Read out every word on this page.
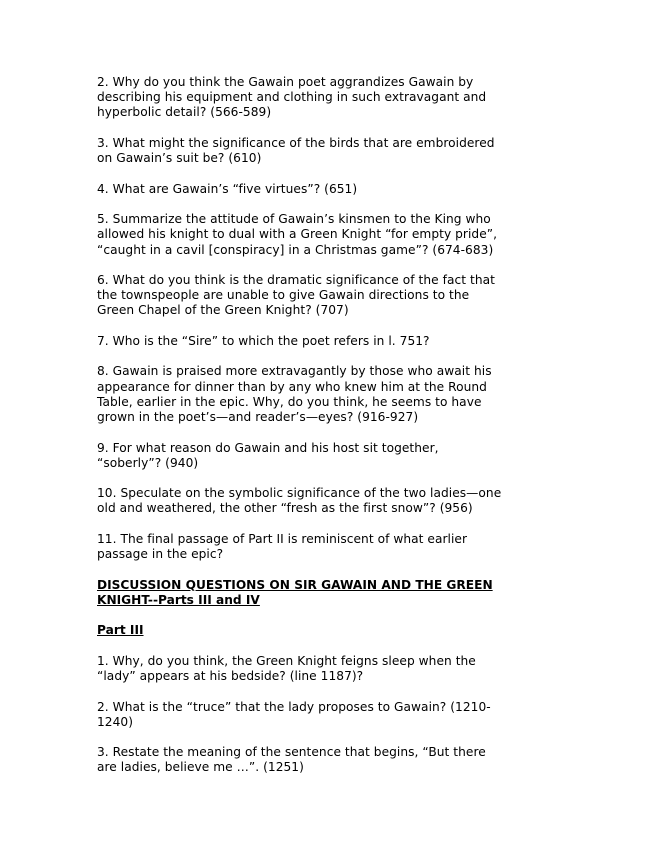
2. Why do you think the Gawain poet aggrandizes Gawain by
describing his equipment and clothing in such extravagant and
hyperbolic detail? (566-589)

3. What might the significance of the birds that are embroidered
on Gawain’s suit be? (610)

4. What are Gawain’s “five virtues”? (651)

5. Summarize the attitude of Gawain’s kinsmen to the King who
allowed his knight to dual with a Green Knight “for empty pride”,
“caught in a cavil [conspiracy] in a Christmas game”? (674-683)

6. What do you think is the dramatic significance of the fact that
the townspeople are unable to give Gawain directions to the
Green Chapel of the Green Knight? (707)

7. Who is the “Sire” to which the poet refers in l. 751?

8. Gawain is praised more extravagantly by those who await his
appearance for dinner than by any who knew him at the Round
Table, earlier in the epic. Why, do you think, he seems to have
grown in the poet’s—and reader’s—eyes? (916-927)

9. For what reason do Gawain and his host sit together,
“soberly”? (940)

10. Speculate on the symbolic significance of the two ladies—one
old and weathered, the other “fresh as the first snow”? (956)

11. The final passage of Part II is reminiscent of what earlier
passage in the epic?

DISCUSSION QUESTIONS ON SIR GAWAIN AND THE GREEN
KNIGHT--Parts III and IV

Part III

1. Why, do you think, the Green Knight feigns sleep when the
“lady” appears at his bedside? (line 1187)?

2. What is the “truce” that the lady proposes to Gawain? (1210-
1240)

3. Restate the meaning of the sentence that begins, “But there
are ladies, believe me …”. (1251)
